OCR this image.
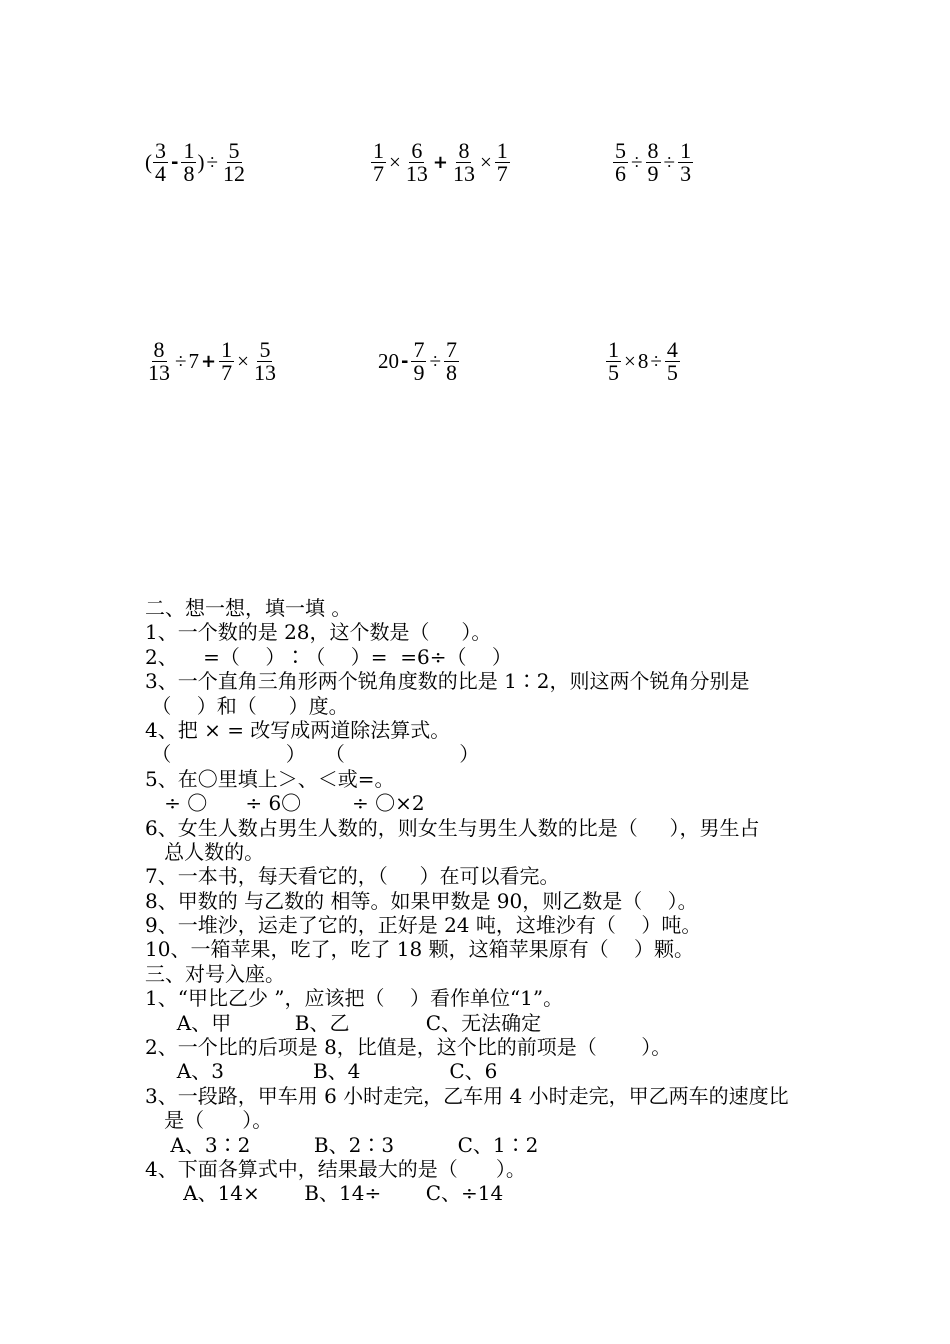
( $\frac{3}{4} - \frac{1}{8}$ ) ÷ $\frac{5}{12}$	$\frac{1}{7} \times \frac{6}{13} + \frac{8}{13} \times \frac{1}{7}$	$\frac{5}{6} \div \frac{8}{9} \div \frac{1}{3}$
$\frac{8}{13} \div 7 + \frac{1}{7} \times \frac{5}{13}$	$20 - \frac{7}{9} \div \frac{7}{8}$	$\frac{1}{5} \times 8 \div \frac{4}{5}$
二、想一想，填一填 。
1、一个数的是 28，这个数是（     ）。
2、    =（    ）∶（    ）=  =6÷（    ）
3、一个直角三角形两个锐角度数的比是 1∶2，则这两个锐角分别是
（    ）和（     ）度。
4、把 × = 改写成两道除法算式。
（                  ）   （                  ）
5、在〇里填上＞、＜或=。
÷ 〇      ÷ 6〇        ÷ 〇×2
6、女生人数占男生人数的，则女生与男生人数的比是（     ），男生占
总人数的。
7、一本书，每天看它的，（     ）在可以看完。
8、甲数的 与乙数的 相等。如果甲数是 90，则乙数是（    ）。
9、一堆沙，运走了它的，正好是 24 吨，这堆沙有（    ）吨。
10、一箱苹果，吃了，吃了 18 颗，这箱苹果原有（    ）颗。
三、对号入座。
1、“甲比乙少 ”，应该把（    ）看作单位“1”。
A、甲          B、乙            C、无法确定
2、一个比的后项是 8，比值是，这个比的前项是（       ）。
A、3              B、4              C、6
3、一段路，甲车用 6 小时走完，乙车用 4 小时走完，甲乙两车的速度比
是（      ）。
A、3∶2          B、2∶3          C、1∶2
4、下面各算式中，结果最大的是（      ）。
A、14×       B、14÷       C、÷14
